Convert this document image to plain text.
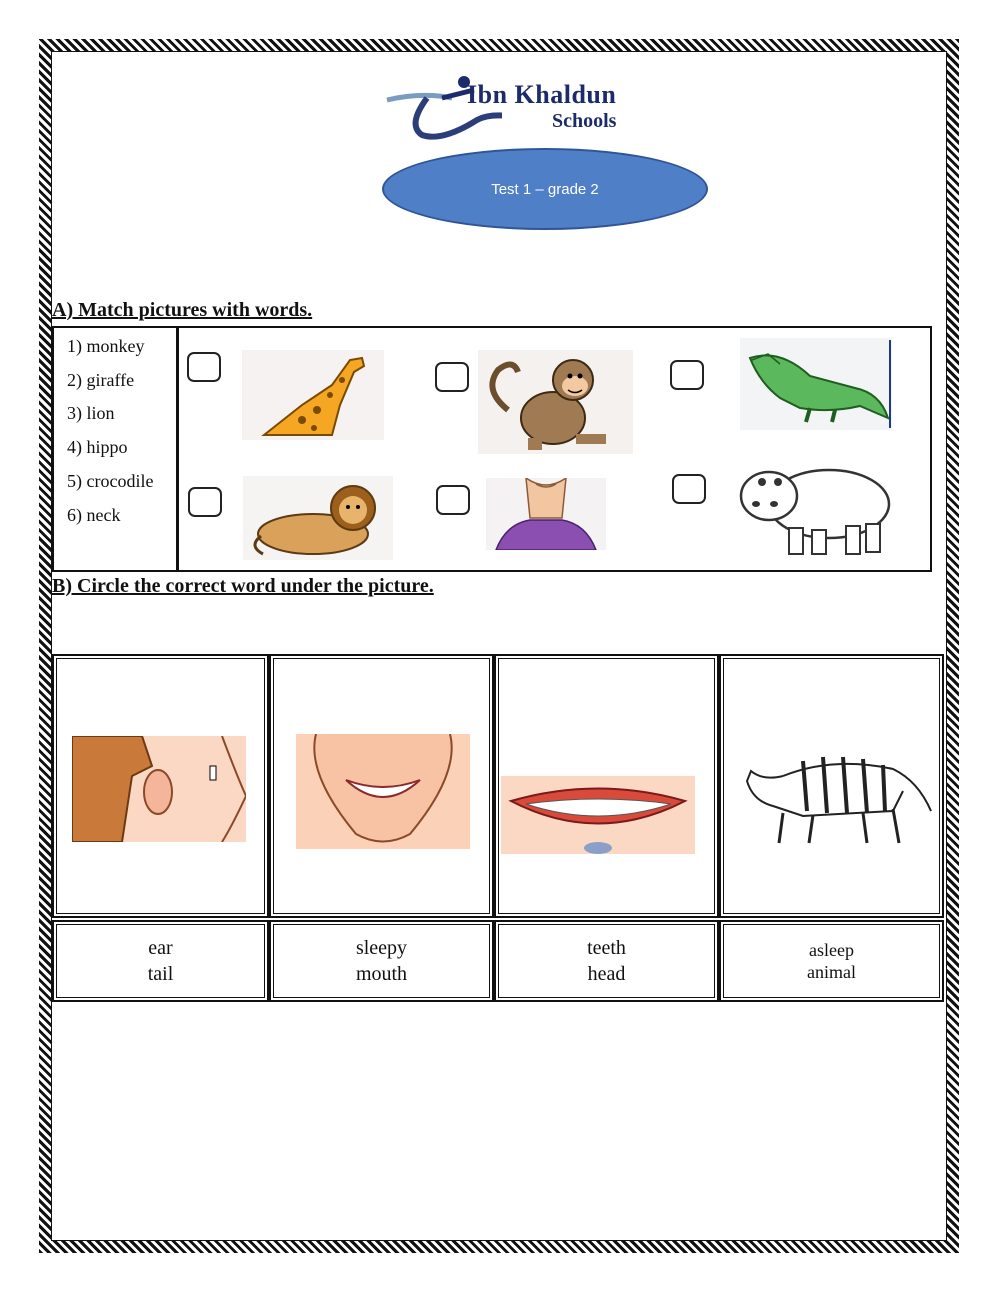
Ibn Khaldun
Schools
Test 1 – grade 2
A) Match pictures with words.
1) monkey
2) giraffe
3) lion
4) hippo
5) crocodile
6) neck
B) Circle the correct word under the picture.
ear
tail
sleepy
mouth
teeth
head
asleep
animal
